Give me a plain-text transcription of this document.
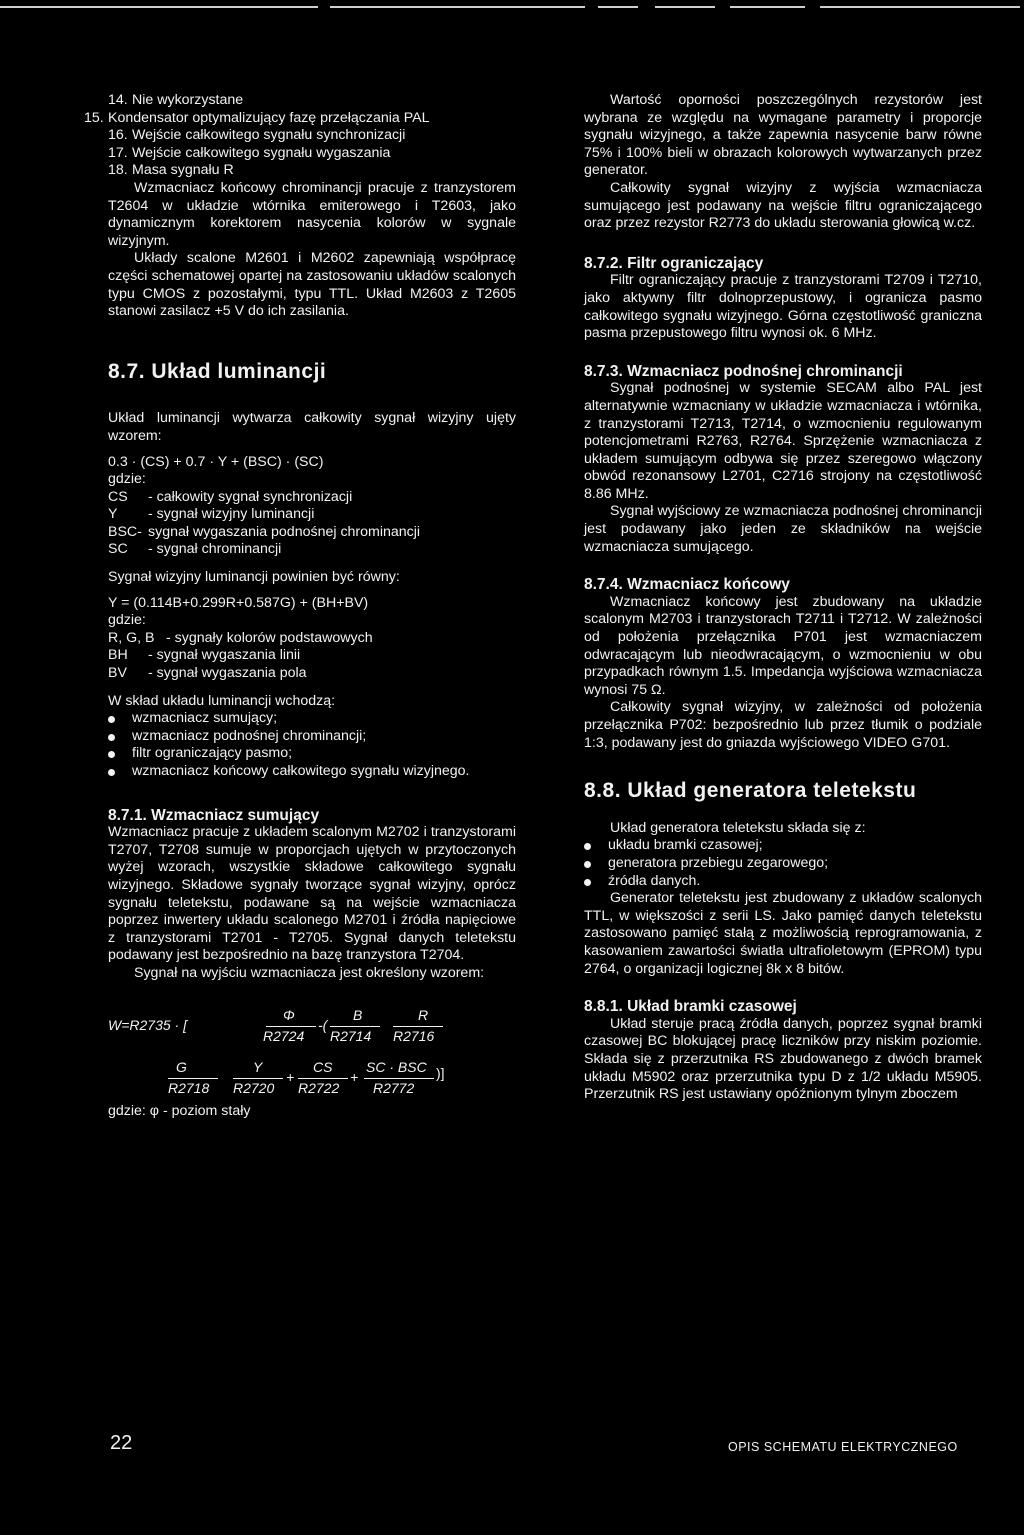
14. Nie wykorzystane
15. Kondensator optymalizujący fazę przełączania PAL
16. Wejście całkowitego sygnału synchronizacji
17. Wejście całkowitego sygnału wygaszania
18. Masa sygnału R

Wzmacniacz końcowy chrominancji pracuje z tranzystorem T2604 w układzie wtórnika emiterowego i T2603, jako dynamicznym korektorem nasycenia kolorów w sygnale wizyjnym.

Układy scalone M2601 i M2602 zapewniają współpracę części schematowej opartej na zastosowaniu układów scalonych typu CMOS z pozostałymi, typu TTL. Układ M2603 z T2605 stanowi zasilacz +5 V do ich zasilania.

8.7. Układ luminancji

Układ luminancji wytwarza całkowity sygnał wizyjny ujęty wzorem:

0.3 · (CS) + 0.7 · Y + (BSC) · (SC)

gdzie:

CS	- całkowity sygnał synchronizacji
Y	- sygnał wizyjny luminancji
BSC- sygnał wygaszania podnośnej chrominancji
SC	- sygnał chrominancji

Sygnał wizyjny luminancji powinien być równy:

Y = (0.114B+0.299R+0.587G) + (BH+BV)

gdzie:

R, G, B - sygnały kolorów podstawowych
BH	- sygnał wygaszania linii
BV	- sygnał wygaszania pola

W skład układu luminancji wchodzą:

wzmacniacz sumujący;
wzmacniacz podnośnej chrominancji;
filtr ograniczający pasmo;
wzmacniacz końcowy całkowitego sygnału wizyjnego.
8.7.1. Wzmacniacz sumujący

Wzmacniacz pracuje z układem scalonym M2702 i tranzystorami T2707, T2708 sumuje w proporcjach ujętych w przytoczonych wyżej wzorach, wszystkie składowe całkowitego sygnału wizyjnego. Składowe sygnały tworzące sygnał wizyjny, oprócz sygnału teletekstu, podawane są na wejście wzmacniacza poprzez inwertery układu scalonego M2701 i źródła napięciowe z tranzystorami T2701 - T2705. Sygnał danych teletekstu podawany jest bezpośrednio na bazę tranzystora T2704.

Sygnał na wyjściu wzmacniacza jest określony wzorem:

W=R2735 · [
Φ
R2724
-(
B
R2714
R
R2716
G
R2718
Y
R2720
+
CS
R2722
+
SC · BSC
R2772
)]

gdzie: φ - poziom stały

Wartość oporności poszczególnych rezystorów jest wybrana ze względu na wymagane parametry i proporcje sygnału wizyjnego, a także zapewnia nasycenie barw równe 75% i 100% bieli w obrazach kolorowych wytwarzanych przez generator.

Całkowity sygnał wizyjny z wyjścia wzmacniacza sumującego jest podawany na wejście filtru ograniczającego oraz przez rezystor R2773 do układu sterowania głowicą w.cz.

8.7.2. Filtr ograniczający

Filtr ograniczający pracuje z tranzystorami T2709 i T2710, jako aktywny filtr dolnoprzepustowy, i ogranicza pasmo całkowitego sygnału wizyjnego. Górna częstotliwość graniczna pasma przepustowego filtru wynosi ok. 6 MHz.

8.7.3. Wzmacniacz podnośnej chrominancji

Sygnał podnośnej w systemie SECAM albo PAL jest alternatywnie wzmacniany w układzie wzmacniacza i wtórnika, z tranzystorami T2713, T2714, o wzmocnieniu regulowanym potencjometrami R2763, R2764. Sprzężenie wzmacniacza z układem sumującym odbywa się przez szeregowo włączony obwód rezonansowy L2701, C2716 strojony na częstotliwość 8.86 MHz.

Sygnał wyjściowy ze wzmacniacza podnośnej chrominancji jest podawany jako jeden ze składników na wejście wzmacniacza sumującego.

8.7.4. Wzmacniacz końcowy

Wzmacniacz końcowy jest zbudowany na układzie scalonym M2703 i tranzystorach T2711 i T2712. W zależności od położenia przełącznika P701 jest wzmacniaczem odwracającym lub nieodwracającym, o wzmocnieniu w obu przypadkach równym 1.5. Impedancja wyjściowa wzmacniacza wynosi 75 Ω.

Całkowity sygnał wizyjny, w zależności od położenia przełącznika P702: bezpośrednio lub przez tłumik o podziale 1:3, podawany jest do gniazda wyjściowego VIDEO G701.

8.8. Układ generatora teletekstu

Układ generatora teletekstu składa się z:

układu bramki czasowej;
generatora przebiegu zegarowego;
źródła danych.

Generator teletekstu jest zbudowany z układów scalonych TTL, w większości z serii LS. Jako pamięć danych teletekstu zastosowano pamięć stałą z możliwością reprogramowania, z kasowaniem zawartości światła ultrafioletowym (EPROM) typu 2764, o organizacji logicznej 8k x 8 bitów.

8.8.1. Układ bramki czasowej

Układ steruje pracą źródła danych, poprzez sygnał bramki czasowej BC blokującej pracę liczników przy niskim poziomie. Składa się z przerzutnika RS zbudowanego z dwóch bramek układu M5902 oraz przerzutnika typu D z 1/2 układu M5905. Przerzutnik RS jest ustawiany opóźnionym tylnym zboczem

22	OPIS SCHEMATU ELEKTRYCZNEGO
